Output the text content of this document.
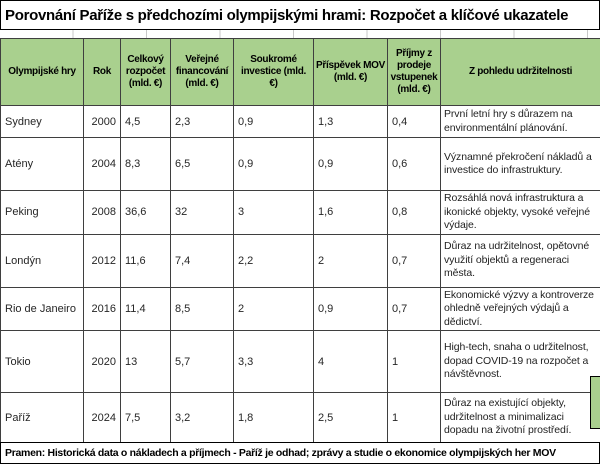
Porovnání Paříže s předchozími olympijskými hrami: Rozpočet a klíčové ukazatele
Olympijské hry	Rok	Celkový rozpočet (mld. €)	Veřejné financování (mld. €)	Soukromé investice (mld. €)	Příspěvek MOV (mld. €)	Příjmy z prodeje vstupenek (mld. €)	Z pohledu udržitelnosti
Sydney	2000	4,5	2,3	0,9	1,3	0,4	První letní hry s důrazem na environmentální plánování.
Atény	2004	8,3	6,5	0,9	0,9	0,6	Významné překročení nákladů a investice do infrastruktury.
Peking	2008	36,6	32	3	1,6	0,8	Rozsáhlá nová infrastruktura a ikonické objekty, vysoké veřejné výdaje.
Londýn	2012	11,6	7,4	2,2	2	0,7	Důraz na udržitelnost, opětovné využití objektů a regeneraci města.
Rio de Janeiro	2016	11,4	8,5	2	0,9	0,7	Ekonomické výzvy a kontroverze ohledně veřejných výdajů a dědictví.
Tokio	2020	13	5,7	3,3	4	1	High-tech, snaha o udržitelnost, dopad COVID-19 na rozpočet a návštěvnost.
Paříž	2024	7,5	3,2	1,8	2,5	1	Důraz na existující objekty, udržitelnost a minimalizaci dopadu na životní prostředí.
Pramen: Historická data o nákladech a příjmech - Paříž je odhad; zprávy a studie o ekonomice olympijských her MOV
